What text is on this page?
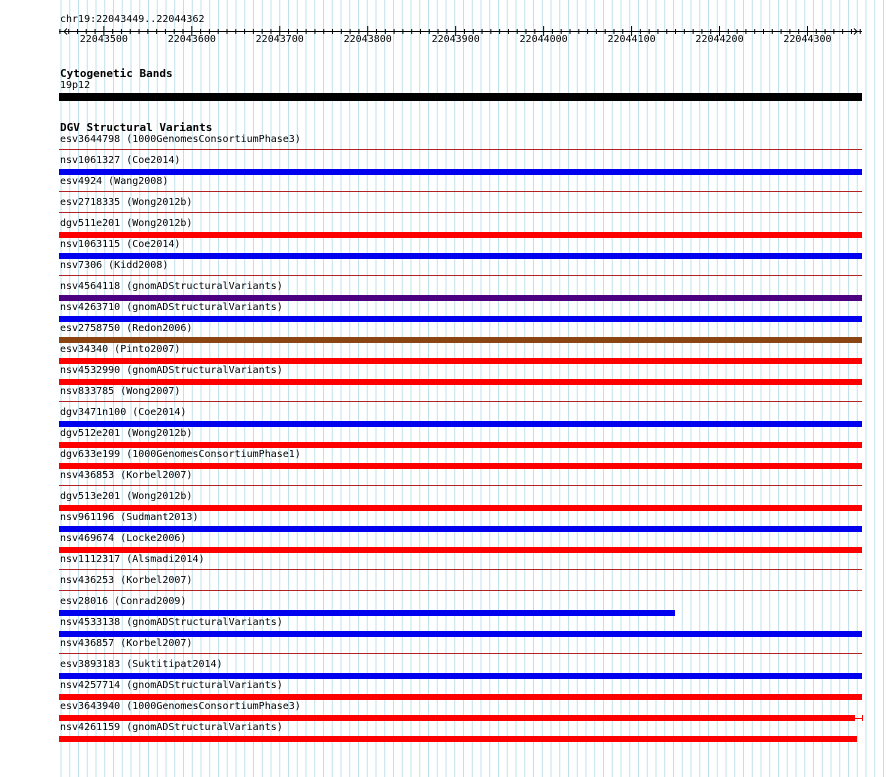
chr19:22043449..22044362
22043500	22043600	22043700	22043800	22043900	22044000	22044100	22044200	22044300
Cytogenetic Bands
19p12
DGV Structural Variants
esv3644798 (1000GenomesConsortiumPhase3)
nsv1061327 (Coe2014)
esv4924 (Wang2008)
esv2718335 (Wong2012b)
dgv511e201 (Wong2012b)
nsv1063115 (Coe2014)
nsv7306 (Kidd2008)
nsv4564118 (gnomADStructuralVariants)
nsv4263710 (gnomADStructuralVariants)
esv2758750 (Redon2006)
esv34340 (Pinto2007)
nsv4532990 (gnomADStructuralVariants)
nsv833785 (Wong2007)
dgv3471n100 (Coe2014)
dgv512e201 (Wong2012b)
dgv633e199 (1000GenomesConsortiumPhase1)
nsv436853 (Korbel2007)
dgv513e201 (Wong2012b)
nsv961196 (Sudmant2013)
nsv469674 (Locke2006)
nsv1112317 (Alsmadi2014)
nsv436253 (Korbel2007)
esv28016 (Conrad2009)
nsv4533138 (gnomADStructuralVariants)
nsv436857 (Korbel2007)
esv3893183 (Suktitipat2014)
nsv4257714 (gnomADStructuralVariants)
esv3643940 (1000GenomesConsortiumPhase3)
nsv4261159 (gnomADStructuralVariants)
